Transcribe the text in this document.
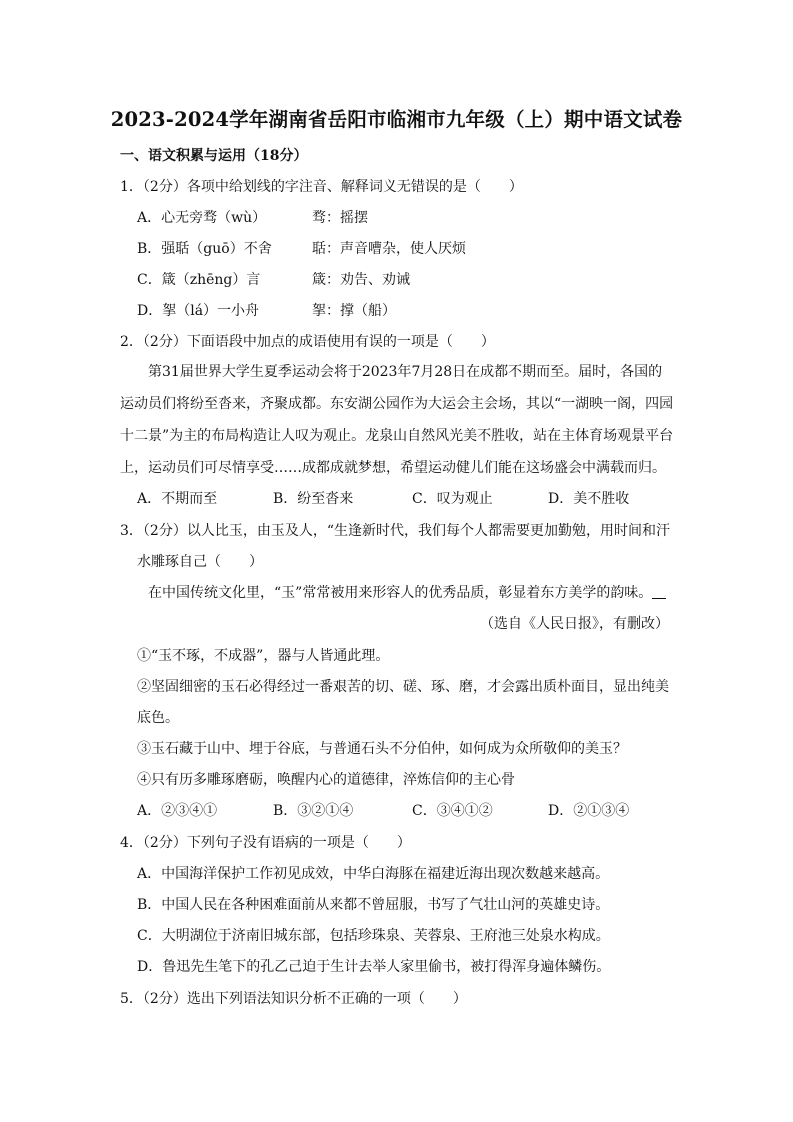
2023-2024学年湖南省岳阳市临湘市九年级（上）期中语文试卷
一、语文积累与运用（18分）
1．（2分）各项中给划线的字注音、解释词义无错误的是（　　）
A．心无旁骛（wù）	骛：摇摆
B．强聒（guō）不舍	聒：声音嘈杂，使人厌烦
C．箴（zhēng）言	箴：劝告、劝诫
D．挐（lá）一小舟	挐：撑（船）
2．（2分）下面语段中加点的成语使用有误的一项是（　　）
第31届世界大学生夏季运动会将于2023年7月28日在成都不期而至。届时，各国的
运动员们将纷至沓来，齐聚成都。东安湖公园作为大运会主会场，其以“一湖映一阁，四园
十二景”为主的布局构造让人叹为观止。龙泉山自然风光美不胜收，站在主体育场观景平台
上，运动员们可尽情享受……成都成就梦想，希望运动健儿们能在这场盛会中满载而归。
A．不期而至	B．纷至沓来	C．叹为观止	D．美不胜收
3．（2分）以人比玉，由玉及人，“生逢新时代，我们每个人都需要更加勤勉，用时间和汗
水雕琢自己（　　）
在中国传统文化里，“玉”常常被用来形容人的优秀品质，彰显着东方美学的韵味。
（选自《人民日报》，有删改）
①“玉不琢，不成器”，器与人皆通此理。
②坚固细密的玉石必得经过一番艰苦的切、磋、琢、磨，才会露出质朴面目，显出纯美
底色。
③玉石藏于山中、埋于谷底，与普通石头不分伯仲，如何成为众所敬仰的美玉？
④只有历多雕琢磨砺，唤醒内心的道德律，淬炼信仰的主心骨
A．②③④①	B．③②①④	C．③④①②	D．②①③④
4．（2分）下列句子没有语病的一项是（　　）
A．中国海洋保护工作初见成效，中华白海豚在福建近海出现次数越来越高。
B．中国人民在各种困难面前从来都不曾屈服，书写了气壮山河的英雄史诗。
C．大明湖位于济南旧城东部，包括珍珠泉、芙蓉泉、王府池三处泉水构成。
D．鲁迅先生笔下的孔乙己迫于生计去举人家里偷书，被打得浑身遍体鳞伤。
5．（2分）选出下列语法知识分析不正确的一项（　　）
